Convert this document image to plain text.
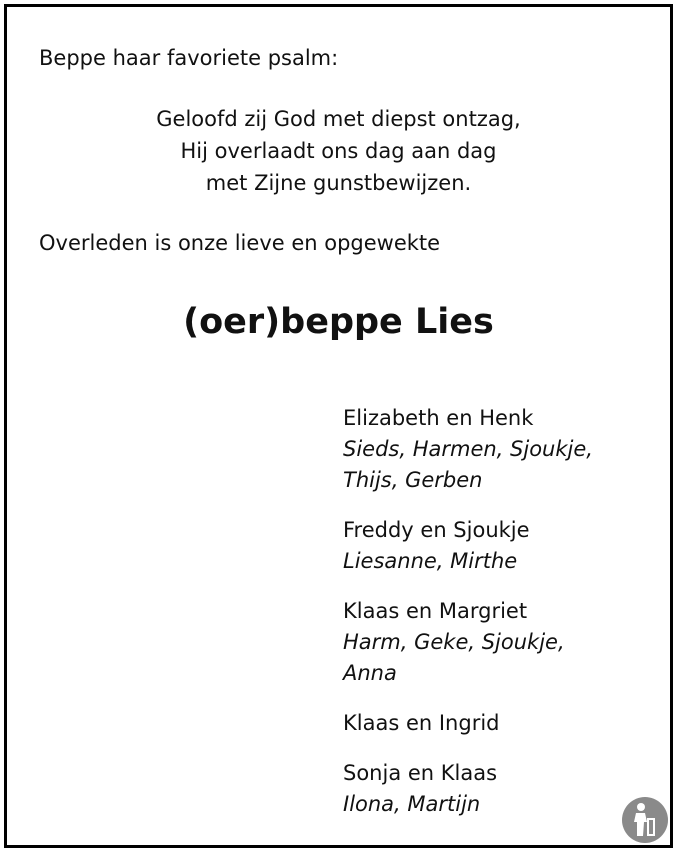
Beppe haar favoriete psalm:

Geloofd zij God met diepst ontzag,
Hij overlaadt ons dag aan dag
met Zijne gunstbewijzen.

Overleden is onze lieve en opgewekte

(oer)beppe Lies
Elizabeth en Henk
Sieds, Harmen, Sjoukje,
Thijs, Gerben
Freddy en Sjoukje
Liesanne, Mirthe
Klaas en Margriet
Harm, Geke, Sjoukje,
Anna
Klaas en Ingrid
Sonja en Klaas
Ilona, Martijn
